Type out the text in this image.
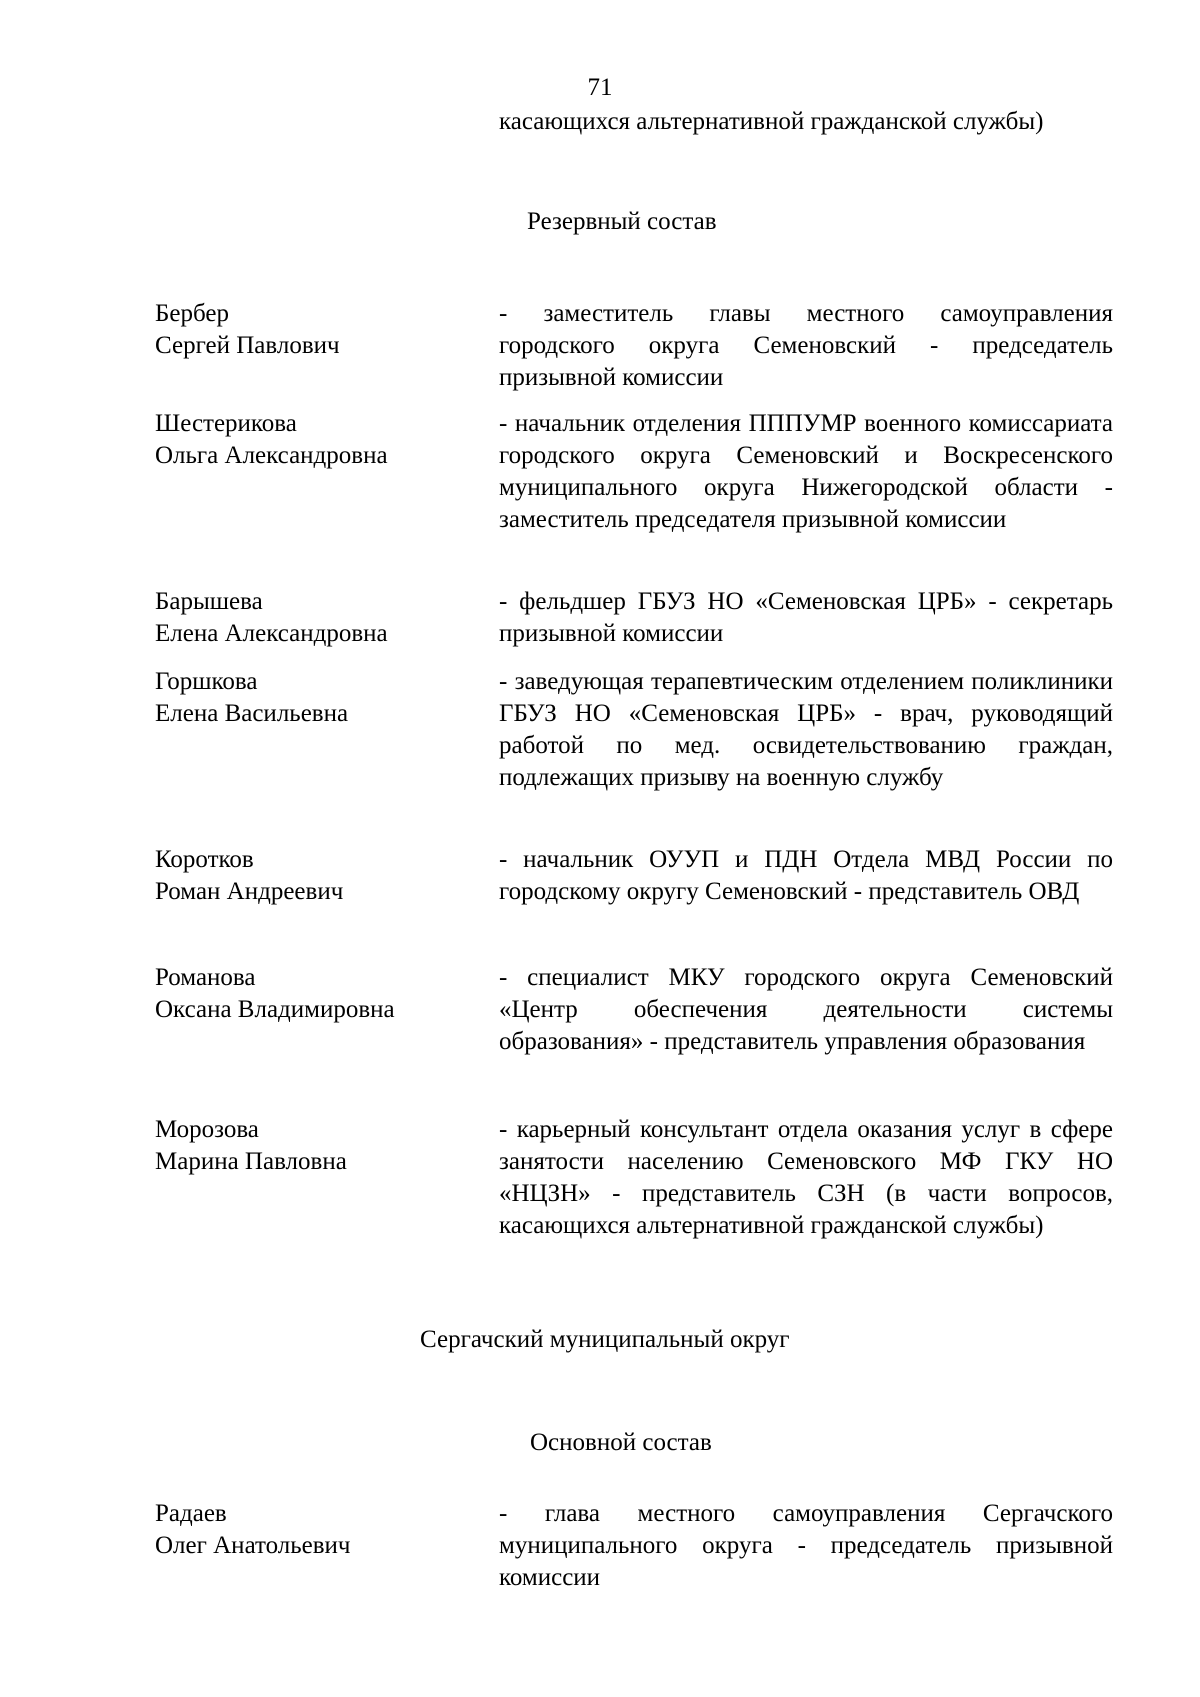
71
касающихся альтернативной гражданской службы)
Резервный состав
Бербер
Сергей Павлович
- заместитель главы местного самоуправления городского округа Семеновский - председатель призывной комиссии
Шестерикова
Ольга Александровна
- начальник отделения ПППУМР военного комиссариата городского округа Семеновский и Воскресенского муниципального округа Нижегородской области - заместитель председателя призывной комиссии
Барышева
Елена Александровна
- фельдшер ГБУЗ НО «Семеновская ЦРБ» - секретарь призывной комиссии
Горшкова
Елена Васильевна
- заведующая терапевтическим отделением поликлиники ГБУЗ НО «Семеновская ЦРБ» - врач, руководящий работой по мед. освидетельствованию граждан, подлежащих призыву на военную службу
Коротков
Роман Андреевич
- начальник ОУУП и ПДН Отдела МВД России по городскому округу Семеновский - представитель ОВД
Романова
Оксана Владимировна
- специалист МКУ городского округа Семеновский «Центр обеспечения деятельности системы образования» - представитель управления образования
Морозова
Марина Павловна
- карьерный консультант отдела оказания услуг в сфере занятости населению Семеновского МФ ГКУ НО «НЦЗН» - представитель СЗН (в части вопросов, касающихся альтернативной гражданской службы)
Сергачский муниципальный округ
Основной состав
Радаев
Олег Анатольевич
- глава местного самоуправления Сергачского муниципального округа - председатель призывной комиссии
